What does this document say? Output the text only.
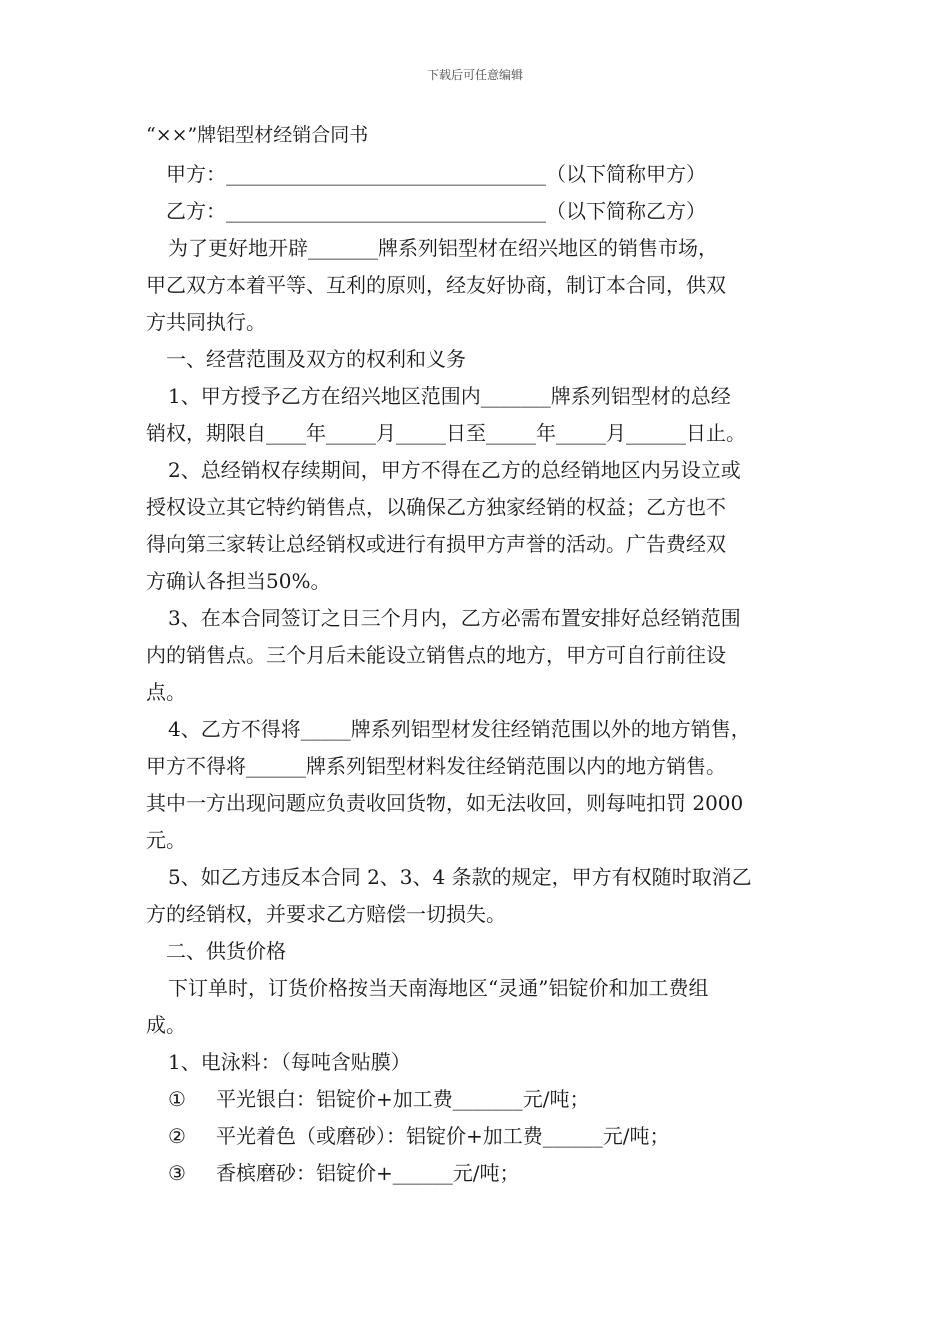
下载后可任意编辑
“××”牌铝型材经销合同书
甲方：________________________________（以下简称甲方）
乙方：________________________________（以下简称乙方）
为了更好地开辟_______牌系列铝型材在绍兴地区的销售市场，
甲乙双方本着平等、互利的原则，经友好协商，制订本合同，供双
方共同执行。
一、经营范围及双方的权利和义务
1、甲方授予乙方在绍兴地区范围内_______牌系列铝型材的总经
销权，期限自____年_____月_____日至_____年_____月______日止。
2、总经销权存续期间，甲方不得在乙方的总经销地区内另设立或
授权设立其它特约销售点，以确保乙方独家经销的权益；乙方也不
得向第三家转让总经销权或进行有损甲方声誉的活动。广告费经双
方确认各担当50%。
3、在本合同签订之日三个月内，乙方必需布置安排好总经销范围
内的销售点。三个月后未能设立销售点的地方，甲方可自行前往设
点。
4、乙方不得将_____牌系列铝型材发往经销范围以外的地方销售，
甲方不得将______牌系列铝型材料发往经销范围以内的地方销售。
其中一方出现问题应负责收回货物，如无法收回，则每吨扣罚 2000
元。
5、如乙方违反本合同 2、3、4 条款的规定，甲方有权随时取消乙
方的经销权，并要求乙方赔偿一切损失。
二、供货价格
下订单时，订货价格按当天南海地区“灵通”铝锭价和加工费组
成。
1、电泳料：（每吨含贴膜）
① 平光银白：铝锭价+加工费_______元/吨；
② 平光着色（或磨砂）：铝锭价+加工费______元/吨；
③ 香槟磨砂：铝锭价+______元/吨；
